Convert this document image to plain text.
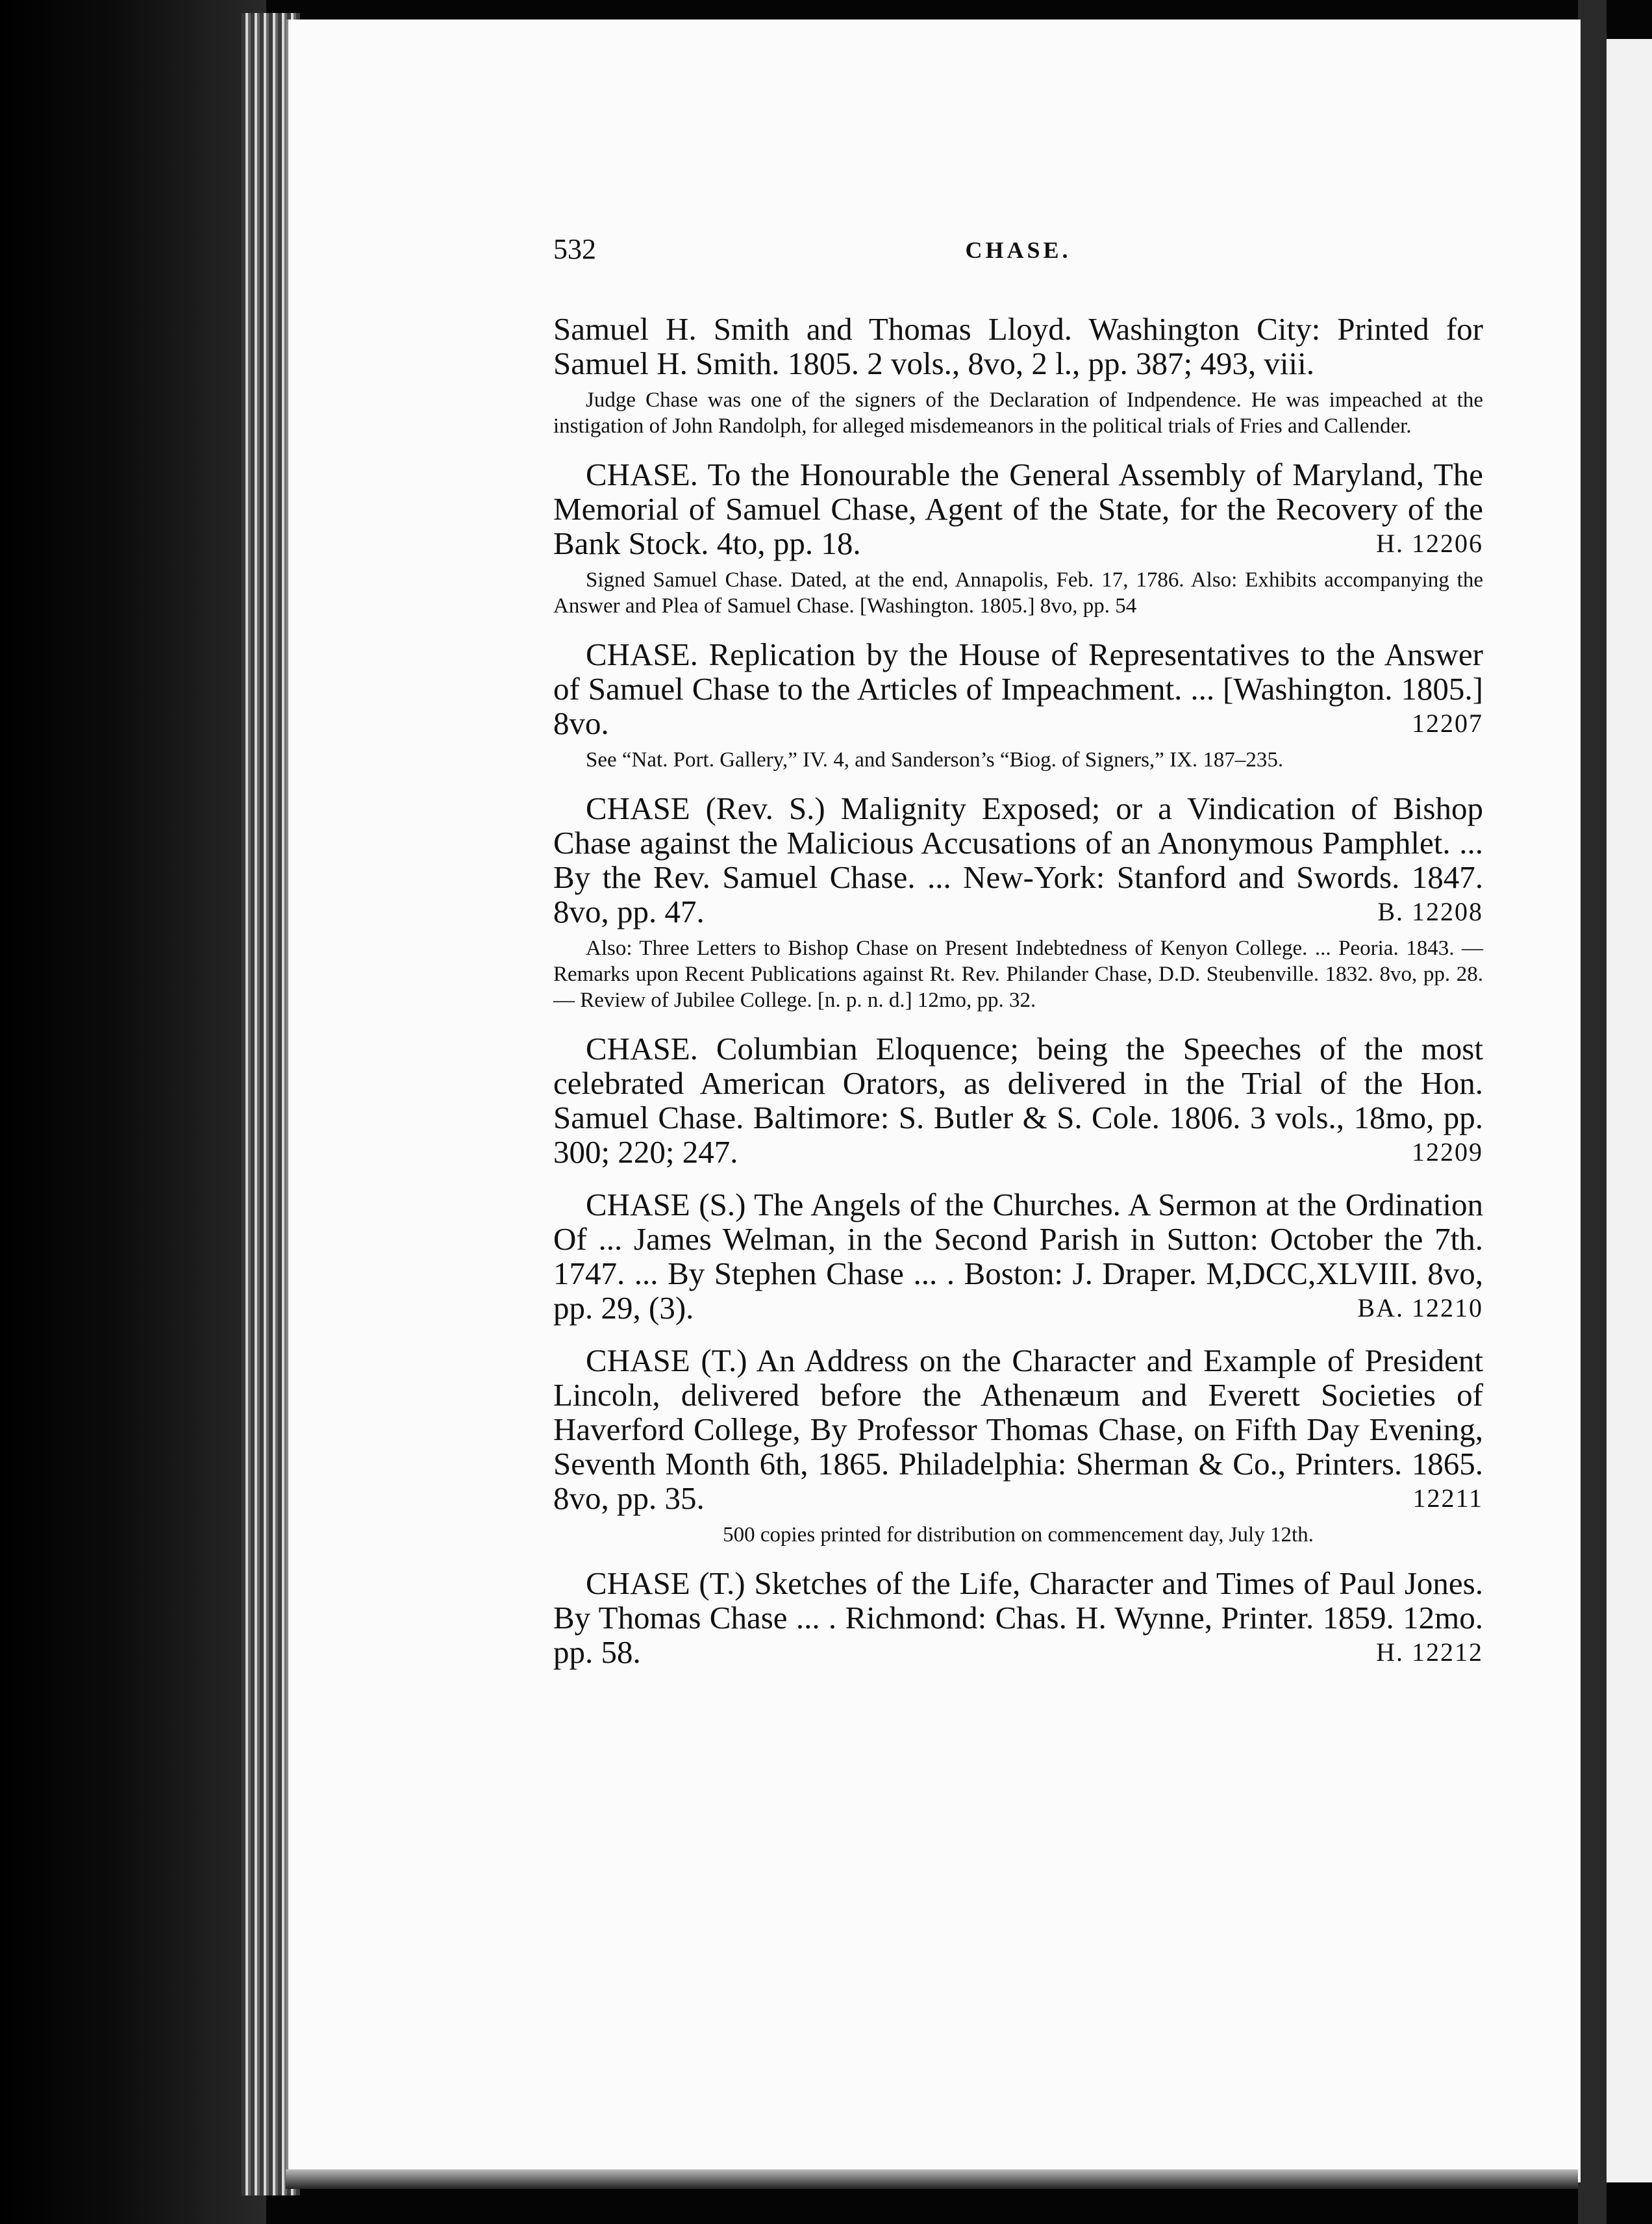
532	CHASE.
Samuel H. Smith and Thomas Lloyd. Washington City: Printed for Samuel H. Smith. 1805. 2 vols., 8vo, 2 l., pp. 387; 493, viii.
Judge Chase was one of the signers of the Declaration of Indpendence. He was impeached at the instigation of John Randolph, for alleged misdemeanors in the political trials of Fries and Callender.
CHASE. To the Honourable the General Assembly of Maryland, The Memorial of Samuel Chase, Agent of the State, for the Recovery of the Bank Stock. 4to, pp. 18.	H. 12206
Signed Samuel Chase. Dated, at the end, Annapolis, Feb. 17, 1786. Also: Exhibits accompanying the Answer and Plea of Samuel Chase. [Washington. 1805.] 8vo, pp. 54
CHASE. Replication by the House of Representatives to the Answer of Samuel Chase to the Articles of Impeachment. ... [Washington. 1805.] 8vo.	12207
See “Nat. Port. Gallery,” IV. 4, and Sanderson’s “Biog. of Signers,” IX. 187–235.
CHASE (Rev. S.) Malignity Exposed; or a Vindication of Bishop Chase against the Malicious Accusations of an Anonymous Pamphlet. ... By the Rev. Samuel Chase. ... New-York: Stanford and Swords. 1847. 8vo, pp. 47.	B. 12208
Also: Three Letters to Bishop Chase on Present Indebtedness of Kenyon College. ... Peoria. 1843. — Remarks upon Recent Publications against Rt. Rev. Philander Chase, D.D. Steubenville. 1832. 8vo, pp. 28. — Review of Jubilee College. [n. p. n. d.] 12mo, pp. 32.
CHASE. Columbian Eloquence; being the Speeches of the most celebrated American Orators, as delivered in the Trial of the Hon. Samuel Chase. Baltimore: S. Butler & S. Cole. 1806. 3 vols., 18mo, pp. 300; 220; 247.	12209
CHASE (S.) The Angels of the Churches. A Sermon at the Ordination Of ... James Welman, in the Second Parish in Sutton: October the 7th. 1747. ... By Stephen Chase ... . Boston: J. Draper. M,DCC,XLVIII. 8vo, pp. 29, (3).	BA. 12210
CHASE (T.) An Address on the Character and Example of President Lincoln, delivered before the Athenæum and Everett Societies of Haverford College, By Professor Thomas Chase, on Fifth Day Evening, Seventh Month 6th, 1865. Philadelphia: Sherman & Co., Printers. 1865. 8vo, pp. 35.	12211
500 copies printed for distribution on commencement day, July 12th.
CHASE (T.) Sketches of the Life, Character and Times of Paul Jones. By Thomas Chase ... . Richmond: Chas. H. Wynne, Printer. 1859. 12mo. pp. 58.	H. 12212
